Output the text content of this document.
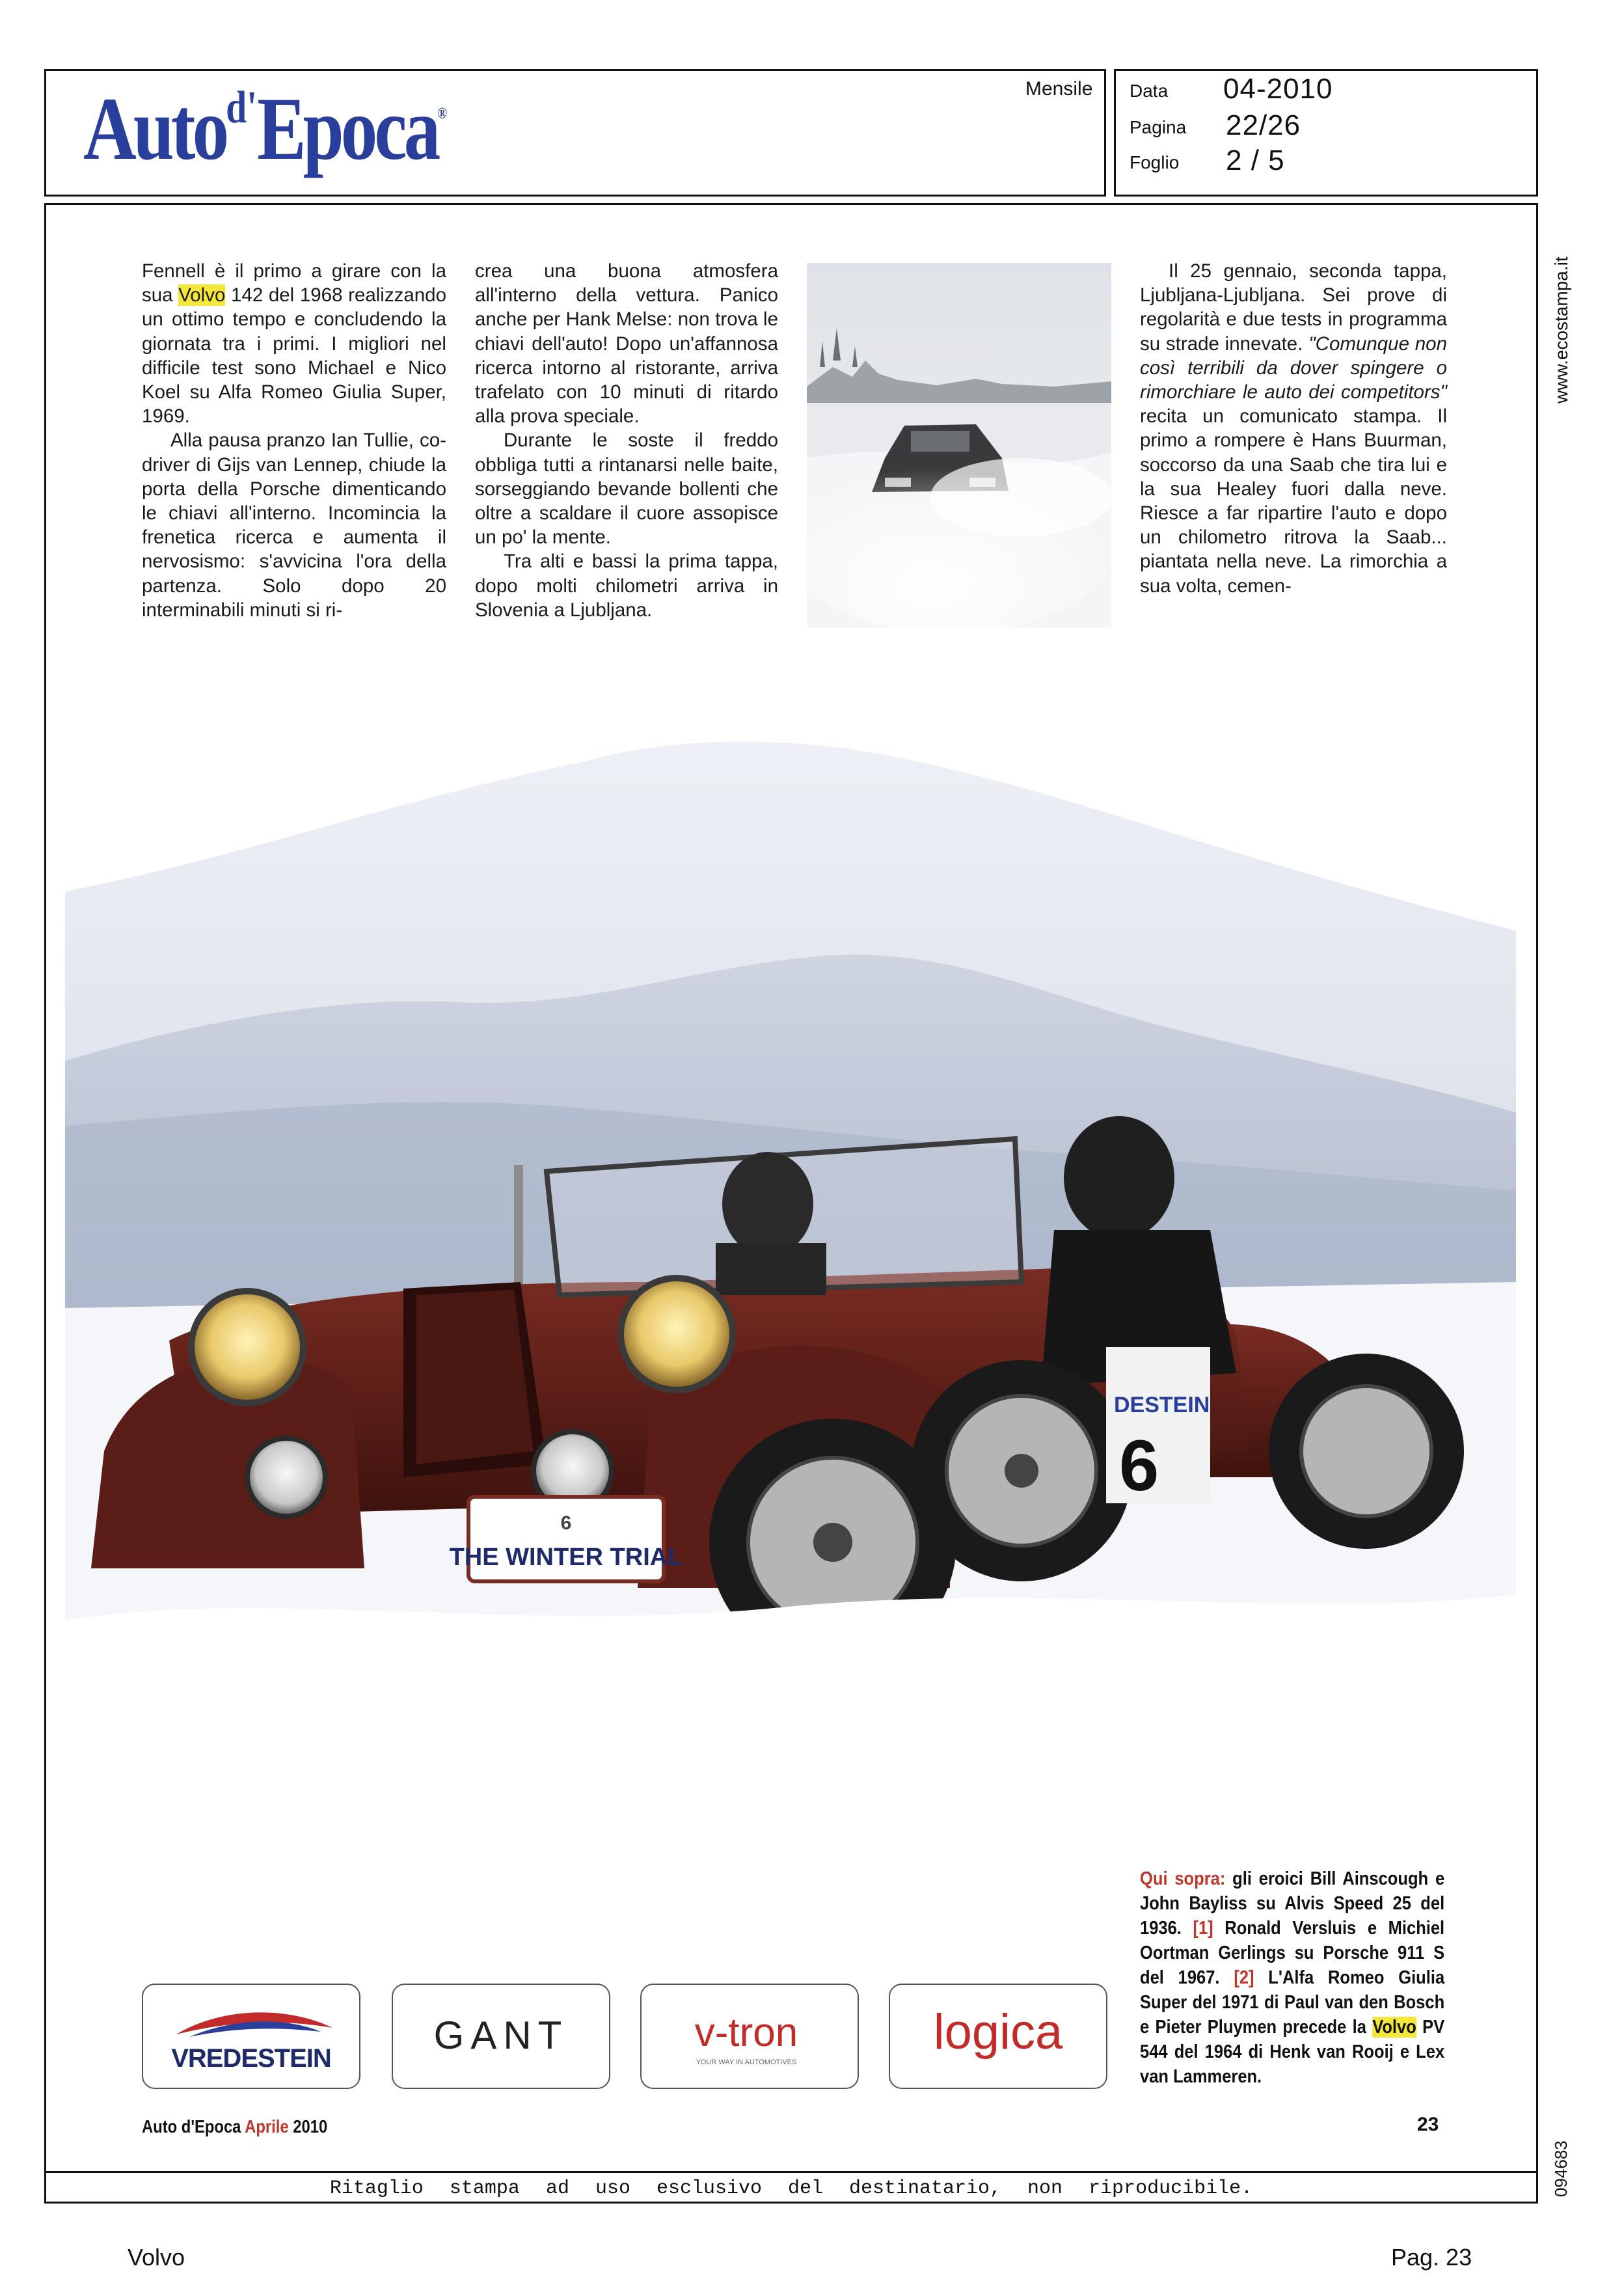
Auto$^{d'}$Epoca®
Mensile Data 04-2010
Pagina 22/26
Foglio 2 / 5
www.ecostampa.it
094683

Fennell è il primo a girare con la sua Volvo 142 del 1968 realizzando un ottimo tempo e concludendo la giornata tra i primi. I migliori nel difficile test sono Michael e Nico Koel su Alfa Romeo Giulia Super, 1969.

Alla pausa pranzo Ian Tullie, co-driver di Gijs van Lennep, chiude la porta della Porsche dimenticando le chiavi all'interno. Incomincia la frenetica ricerca e aumenta il nervosismo: s'avvicina l'ora della partenza. Solo dopo 20 interminabili minuti si ri-

crea una buona atmosfera all'interno della vettura. Panico anche per Hank Melse: non trova le chiavi dell'auto! Dopo un'affannosa ricerca intorno al ristorante, arriva trafelato con 10 minuti di ritardo alla prova speciale.

Durante le soste il freddo obbliga tutti a rintanarsi nelle baite, sorseggiando bevande bollenti che oltre a scaldare il cuore assopisce un po' la mente.

Tra alti e bassi la prima tappa, dopo molti chilometri arriva in Slovenia a Ljubljana.

Il 25 gennaio, seconda tappa, Ljubljana-Ljubljana. Sei prove di regolarità e due tests in programma su strade innevate. "Comunque non così terribili da dover spingere o rimorchiare le auto dei competitors" recita un comunicato stampa. Il primo a rompere è Hans Buurman, soccorso da una Saab che tira lui e la sua Healey fuori dalla neve. Riesce a far ripartire l'auto e dopo un chilometro ritrova la Saab... piantata nella neve. La rimorchia a sua volta, cemen-

DESTEIN
6
6
THE WINTER TRIAL
Qui sopra: gli eroici Bill Ainscough e John Bayliss su Alvis Speed 25 del 1936. [1] Ronald Versluis e Michiel Oortman Gerlings su Porsche 911 S del 1967. [2] L'Alfa Romeo Giulia Super del 1971 di Paul van den Bosch e Pieter Pluymen precede la Volvo PV 544 del 1964 di Henk van Rooij e Lex van Lammeren.
VREDESTEIN
GANT	v-tron
YOUR WAY IN AUTOMOTIVES
logica
Auto d'Epoca Aprile 2010	23
Ritaglio stampa ad uso esclusivo del destinatario, non riproducibile.
Volvo	Pag. 23
